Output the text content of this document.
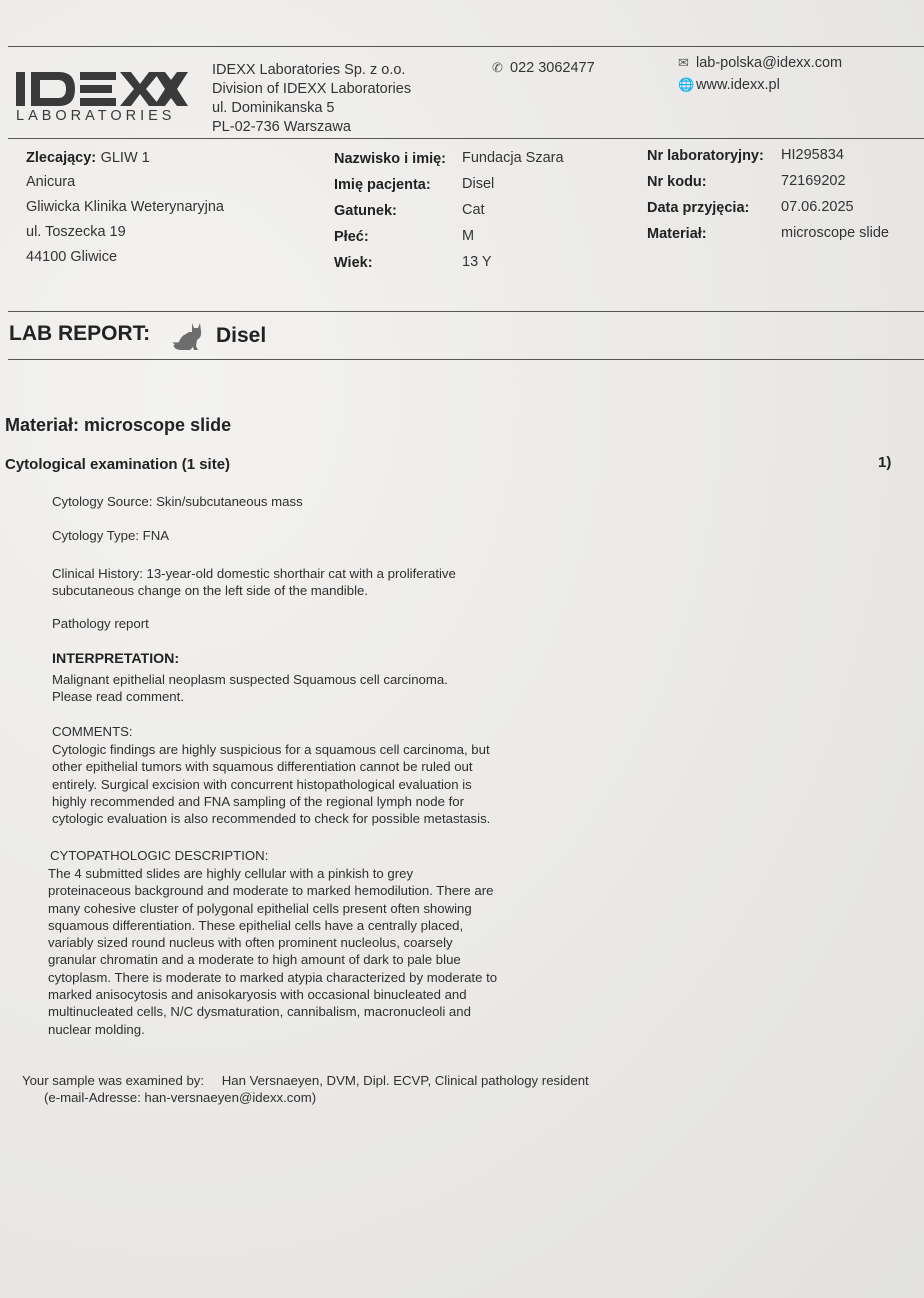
LABORATORIES
IDEXX Laboratories Sp. z o.o.
Division of IDEXX Laboratories
ul. Dominikanska 5
PL-02-736 Warszawa
✆ 022 3062477	✉ lab-polska@idexx.com
🌐 www.idexx.pl
Zlecający: GLIW 1
Anicura
Gliwicka Klinika Weterynaryjna
ul. Toszecka 19
44100 Gliwice
Nazwisko i imię: Fundacja Szara
Imię pacjenta: Disel
Gatunek:	Cat
Płeć:	M
Wiek:	13 Y
Nr laboratoryjny: HI295834
Nr kodu:	72169202
Data przyjęcia: 07.06.2025
Materiał:	microscope slide
LAB REPORT:	Disel
Materiał: microscope slide
Cytological examination (1 site)	1)
Cytology Source: Skin/subcutaneous mass
Cytology Type: FNA
Clinical History: 13-year-old domestic shorthair cat with a proliferative
subcutaneous change on the left side of the mandible.
Pathology report
INTERPRETATION:
Malignant epithelial neoplasm suspected Squamous cell carcinoma.
Please read comment.
COMMENTS:
Cytologic findings are highly suspicious for a squamous cell carcinoma, but
other epithelial tumors with squamous differentiation cannot be ruled out
entirely. Surgical excision with concurrent histopathological evaluation is
highly recommended and FNA sampling of the regional lymph node for
cytologic evaluation is also recommended to check for possible metastasis.
CYTOPATHOLOGIC DESCRIPTION:
The 4 submitted slides are highly cellular with a pinkish to grey
proteinaceous background and moderate to marked hemodilution. There are
many cohesive cluster of polygonal epithelial cells present often showing
squamous differentiation. These epithelial cells have a centrally placed,
variably sized round nucleus with often prominent nucleolus, coarsely
granular chromatin and a moderate to high amount of dark to pale blue
cytoplasm. There is moderate to marked atypia characterized by moderate to
marked anisocytosis and anisokaryosis with occasional binucleated and
multinucleated cells, N/C dysmaturation, cannibalism, macronucleoli and
nuclear molding.
Your sample was examined by: Han Versnaeyen, DVM, Dipl. ECVP, Clinical pathology resident
(e-mail-Adresse: han-versnaeyen@idexx.com)
